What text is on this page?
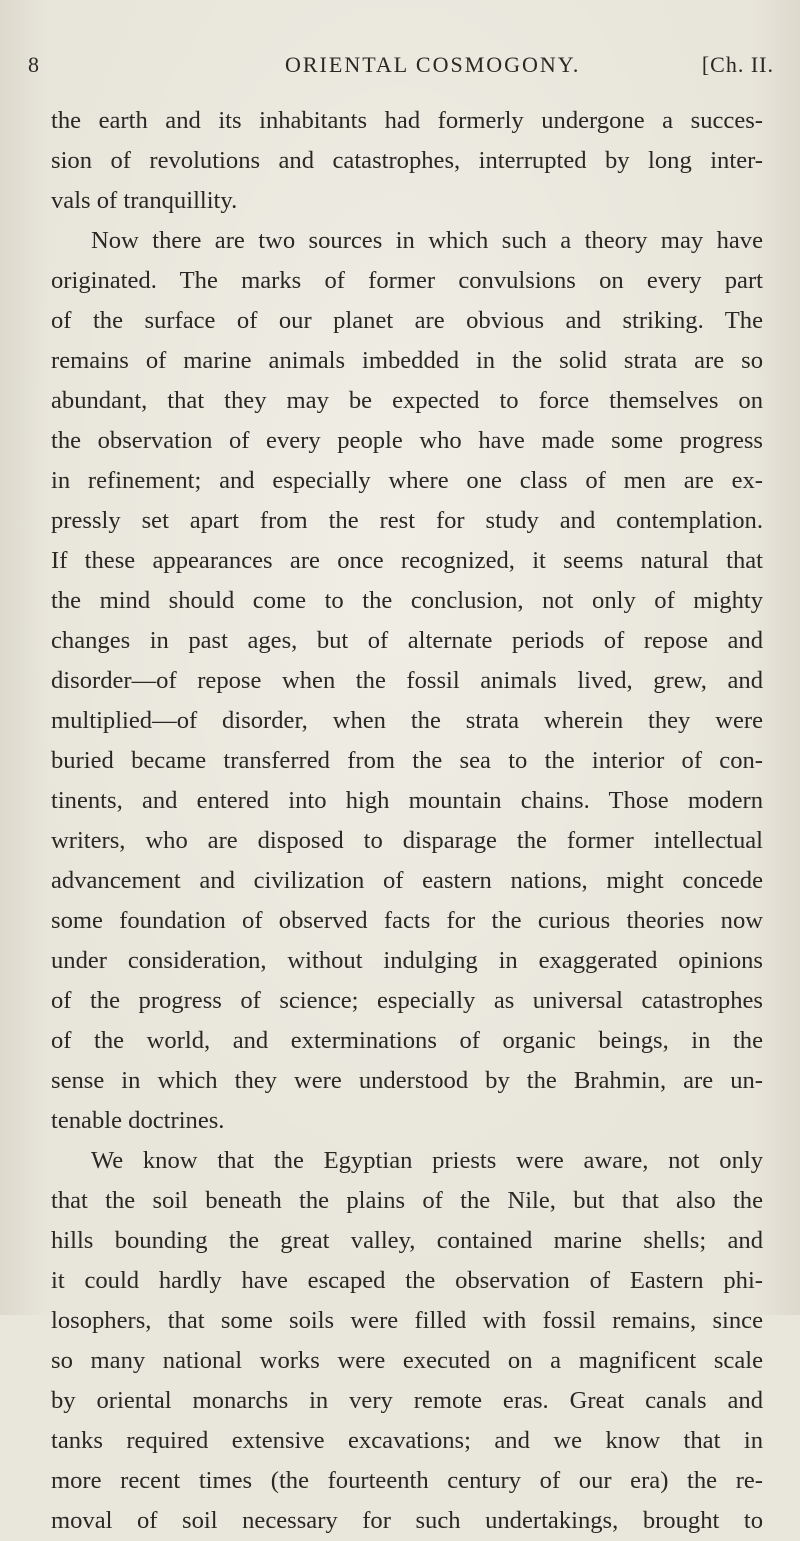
8	ORIENTAL COSMOGONY.	[Ch. II.

the earth and its inhabitants had formerly undergone a succes-
sion of revolutions and catastrophes, interrupted by long inter-
vals of tranquillity.

Now there are two sources in which such a theory may have
originated. The marks of former convulsions on every part
of the surface of our planet are obvious and striking. The
remains of marine animals imbedded in the solid strata are so
abundant, that they may be expected to force themselves on
the observation of every people who have made some progress
in refinement; and especially where one class of men are ex-
pressly set apart from the rest for study and contemplation.
If these appearances are once recognized, it seems natural that
the mind should come to the conclusion, not only of mighty
changes in past ages, but of alternate periods of repose and
disorder—of repose when the fossil animals lived, grew, and
multiplied—of disorder, when the strata wherein they were
buried became transferred from the sea to the interior of con-
tinents, and entered into high mountain chains. Those modern
writers, who are disposed to disparage the former intellectual
advancement and civilization of eastern nations, might concede
some foundation of observed facts for the curious theories now
under consideration, without indulging in exaggerated opinions
of the progress of science; especially as universal catastrophes
of the world, and exterminations of organic beings, in the
sense in which they were understood by the Brahmin, are un-
tenable doctrines.

We know that the Egyptian priests were aware, not only
that the soil beneath the plains of the Nile, but that also the
hills bounding the great valley, contained marine shells; and
it could hardly have escaped the observation of Eastern phi-
losophers, that some soils were filled with fossil remains, since
so many national works were executed on a magnificent scale
by oriental monarchs in very remote eras. Great canals and
tanks required extensive excavations; and we know that in
more recent times (the fourteenth century of our era) the re-
moval of soil necessary for such undertakings, brought to
